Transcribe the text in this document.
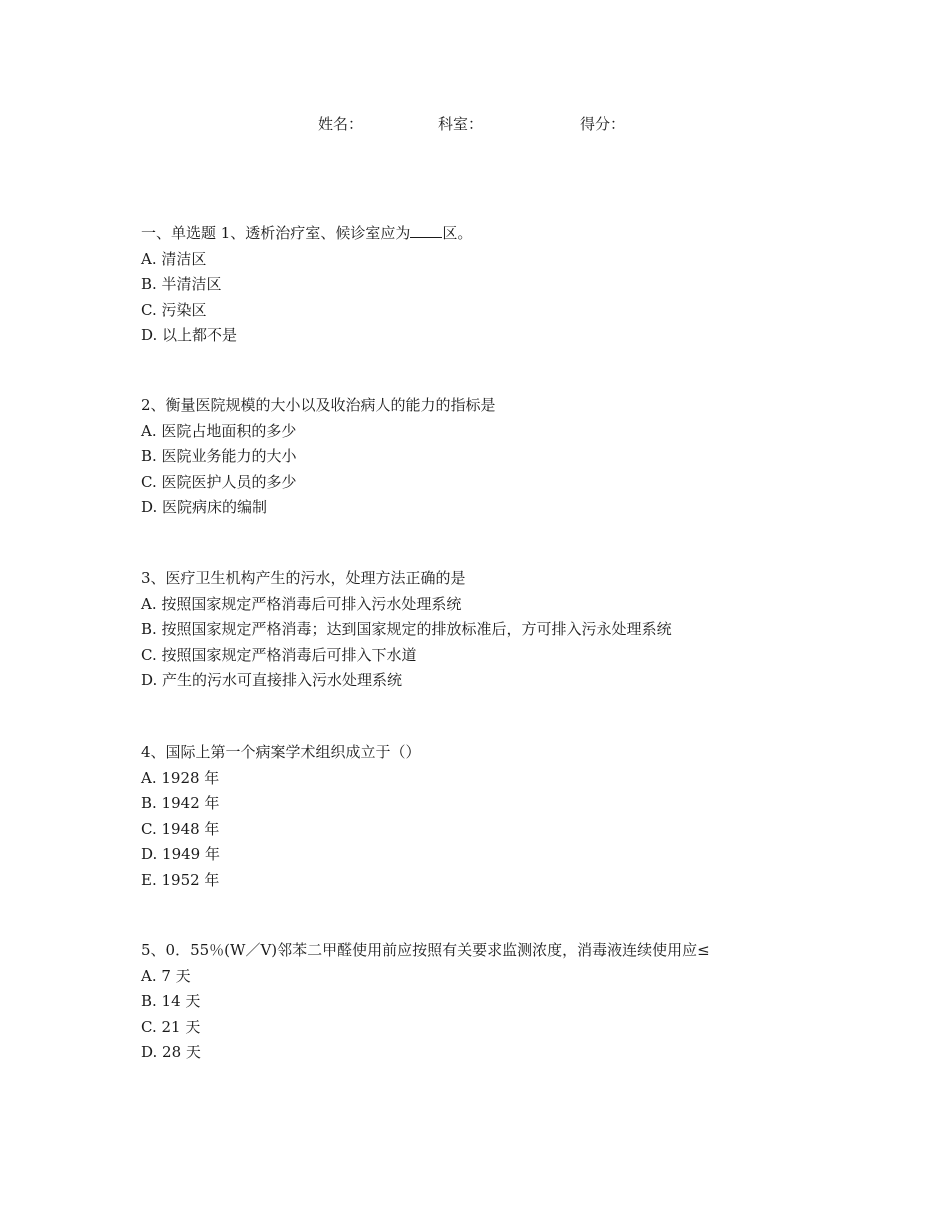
姓名：	科室：	得分：
一、单选题 1、透析治疗室、候诊室应为 区。
A. 清洁区
B. 半清洁区
C. 污染区
D. 以上都不是
2、衡量医院规模的大小以及收治病人的能力的指标是
A. 医院占地面积的多少
B. 医院业务能力的大小
C. 医院医护人员的多少
D. 医院病床的编制
3、医疗卫生机构产生的污水，处理方法正确的是
A. 按照国家规定严格消毒后可排入污水处理系统
B. 按照国家规定严格消毒；达到国家规定的排放标准后，方可排入污永处理系统
C. 按照国家规定严格消毒后可排入下水道
D. 产生的污水可直接排入污水处理系统
4、国际上第一个病案学术组织成立于（）
A. 1928 年
B. 1942 年
C. 1948 年
D. 1949 年
E. 1952 年
5、0．55％(W／V)邻苯二甲醛使用前应按照有关要求监测浓度，消毒液连续使用应≤
A. 7 天
B. 14 天
C. 21 天
D. 28 天
